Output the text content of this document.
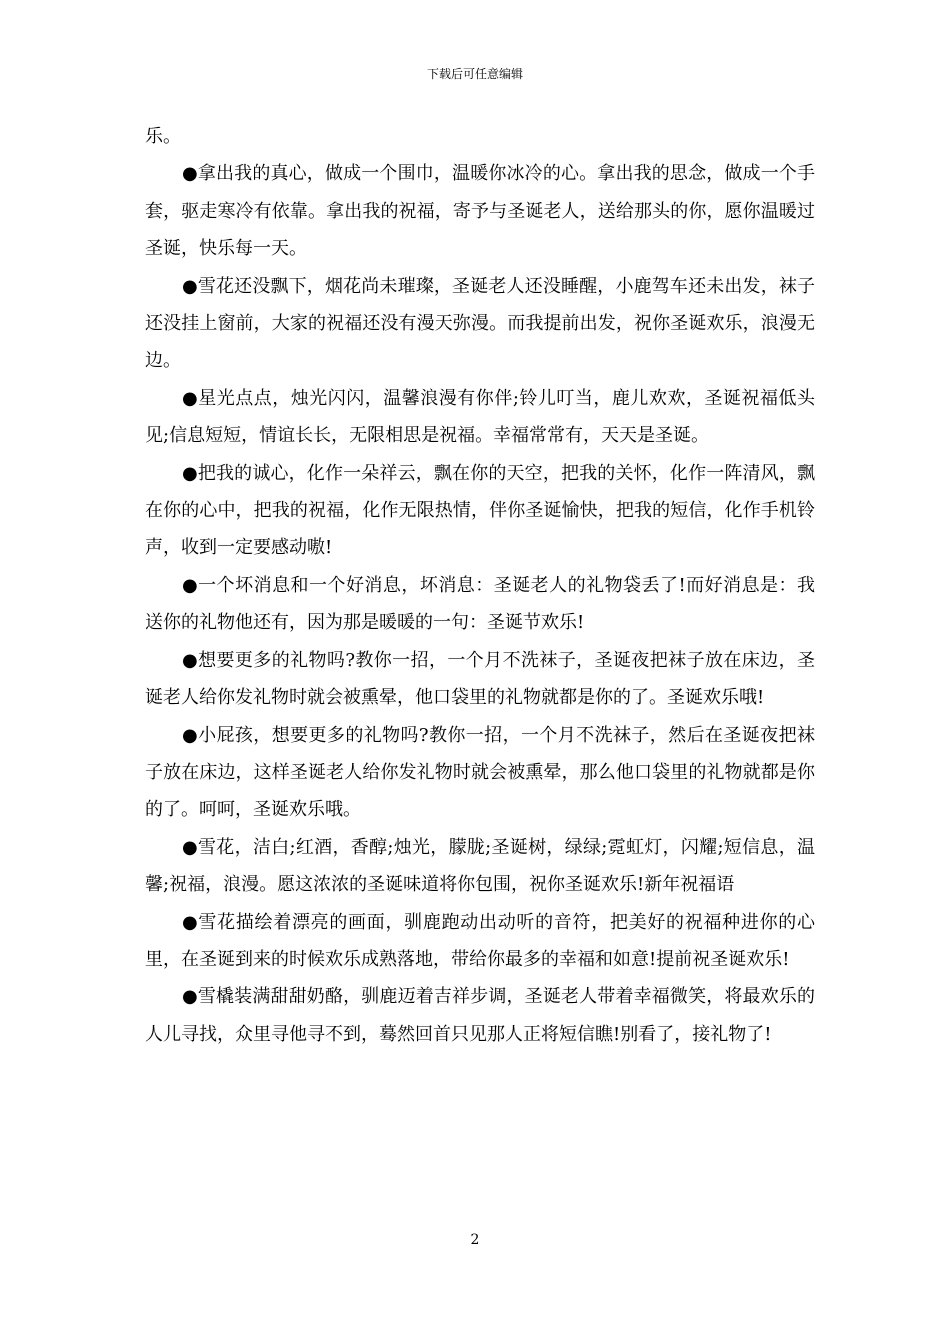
下载后可任意编辑

乐。

●拿出我的真心，做成一个围巾，温暖你冰冷的心。拿出我的思念，做成一个手套，驱走寒冷有依靠。拿出我的祝福，寄予与圣诞老人，送给那头的你，愿你温暖过圣诞，快乐每一天。

●雪花还没飘下，烟花尚未璀璨，圣诞老人还没睡醒，小鹿驾车还未出发，袜子还没挂上窗前，大家的祝福还没有漫天弥漫。而我提前出发，祝你圣诞欢乐，浪漫无边。

●星光点点，烛光闪闪，温馨浪漫有你伴;铃儿叮当，鹿儿欢欢，圣诞祝福低头见;信息短短，情谊长长，无限相思是祝福。幸福常常有，天天是圣诞。

●把我的诚心，化作一朵祥云，飘在你的天空，把我的关怀，化作一阵清风，飘在你的心中，把我的祝福，化作无限热情，伴你圣诞愉快，把我的短信，化作手机铃声，收到一定要感动嗷!

●一个坏消息和一个好消息，坏消息：圣诞老人的礼物袋丢了!而好消息是：我送你的礼物他还有，因为那是暖暖的一句：圣诞节欢乐!

●想要更多的礼物吗?教你一招，一个月不洗袜子，圣诞夜把袜子放在床边，圣诞老人给你发礼物时就会被熏晕，他口袋里的礼物就都是你的了。圣诞欢乐哦!

●小屁孩，想要更多的礼物吗?教你一招，一个月不洗袜子，然后在圣诞夜把袜子放在床边，这样圣诞老人给你发礼物时就会被熏晕，那么他口袋里的礼物就都是你的了。呵呵，圣诞欢乐哦。

●雪花，洁白;红酒，香醇;烛光，朦胧;圣诞树，绿绿;霓虹灯，闪耀;短信息，温馨;祝福，浪漫。愿这浓浓的圣诞味道将你包围，祝你圣诞欢乐!新年祝福语

●雪花描绘着漂亮的画面，驯鹿跑动出动听的音符，把美好的祝福种进你的心里，在圣诞到来的时候欢乐成熟落地，带给你最多的幸福和如意!提前祝圣诞欢乐!

●雪橇装满甜甜奶酪，驯鹿迈着吉祥步调，圣诞老人带着幸福微笑，将最欢乐的人儿寻找，众里寻他寻不到，蓦然回首只见那人正将短信瞧!别看了，接礼物了!

2
